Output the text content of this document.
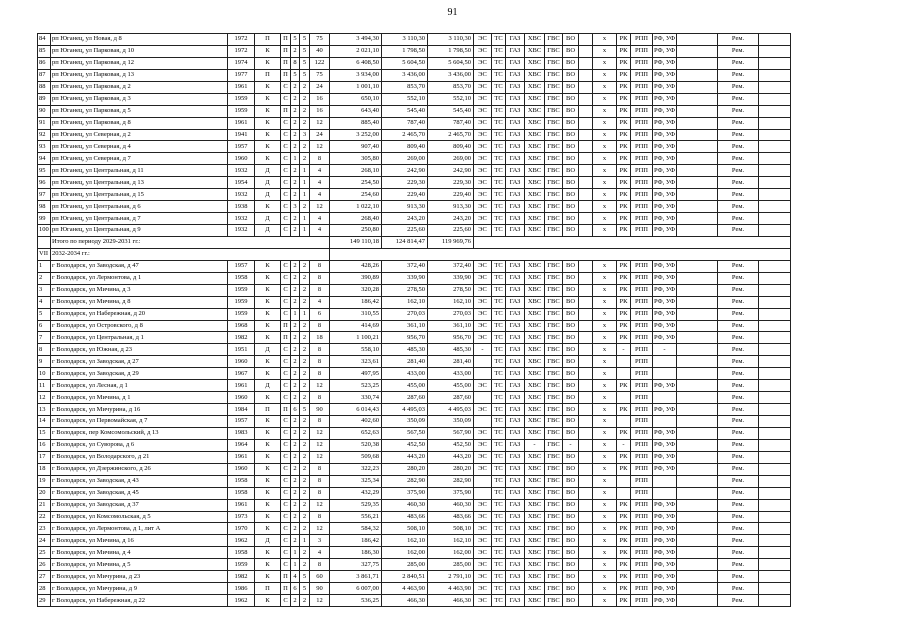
91
84	рп Юганец, ул Новая, д 8	1972	П	П	5	5	75	3 494,30	3 110,30	3 110,30	ЭС	ТС	ГАЗ	ХВС	ГВС	ВО		х	РК	РПП	РФ, УФ		Рем.	
85	рп Юганец, ул Парковая, д 10	1972	К	П	2	5	40	2 021,10	1 798,50	1 798,50	ЭС	ТС	ГАЗ	ХВС	ГВС	ВО		х	РК	РПП	РФ, УФ		Рем.	
86	рп Юганец, ул Парковая, д 12	1974	К	П	8	5	122	6 408,50	5 604,50	5 604,50	ЭС	ТС	ГАЗ	ХВС	ГВС	ВО		х	РК	РПП	РФ, УФ		Рем.	
87	рп Юганец, ул Парковая, д 13	1977	П	П	5	5	75	3 934,00	3 436,00	3 436,00	ЭС	ТС	ГАЗ	ХВС	ГВС	ВО		х	РК	РПП	РФ, УФ		Рем.	
88	рп Юганец, ул Парковая, д 2	1961	К	С	2	2	24	1 001,10	853,70	853,70	ЭС	ТС	ГАЗ	ХВС	ГВС	ВО		х	РК	РПП	РФ, УФ		Рем.	
89	рп Юганец, ул Парковая, д 3	1959	К	С	2	2	16	650,10	552,10	552,10	ЭС	ТС	ГАЗ	ХВС	ГВС	ВО		х	РК	РПП	РФ, УФ		Рем.	
90	рп Юганец, ул Парковая, д 5	1959	К	П	2	2	16	643,40	545,40	545,40	ЭС	ТС	ГАЗ	ХВС	ГВС	ВО		х	РК	РПП	РФ, УФ		Рем.	
91	рп Юганец, ул Парковая, д 8	1961	К	С	2	2	12	885,40	787,40	787,40	ЭС	ТС	ГАЗ	ХВС	ГВС	ВО		х	РК	РПП	РФ, УФ		Рем.	
92	рп Юганец, ул Северная, д 2	1941	К	С	2	3	24	3 252,00	2 465,70	2 465,70	ЭС	ТС	ГАЗ	ХВС	ГВС	ВО		х	РК	РПП	РФ, УФ		Рем.	
93	рп Юганец, ул Северная, д 4	1957	К	С	2	2	12	907,40	809,40	809,40	ЭС	ТС	ГАЗ	ХВС	ГВС	ВО		х	РК	РПП	РФ, УФ		Рем.	
94	рп Юганец, ул Северная, д 7	1960	К	С	1	2	8	305,80	269,00	269,00	ЭС	ТС	ГАЗ	ХВС	ГВС	ВО		х	РК	РПП	РФ, УФ		Рем.	
95	рп Юганец, ул Центральная, д 11	1932	Д	С	2	1	4	268,10	242,90	242,90	ЭС	ТС	ГАЗ	ХВС	ГВС	ВО		х	РК	РПП	РФ, УФ		Рем.	
96	рп Юганец, ул Центральная, д 13	1954	Д	С	2	1	4	254,50	229,30	229,30	ЭС	ТС	ГАЗ	ХВС	ГВС	ВО		х	РК	РПП	РФ, УФ		Рем.	
97	рп Юганец, ул Центральная, д 15	1932	Д	С	2	1	4	254,60	229,40	229,40	ЭС	ТС	ГАЗ	ХВС	ГВС	ВО		х	РК	РПП	РФ, УФ		Рем.	
98	рп Юганец, ул Центральная, д 6	1938	К	С	3	2	12	1 022,10	913,30	913,30	ЭС	ТС	ГАЗ	ХВС	ГВС	ВО		х	РК	РПП	РФ, УФ		Рем.	
99	рп Юганец, ул Центральная, д 7	1932	Д	С	2	1	4	268,40	243,20	243,20	ЭС	ТС	ГАЗ	ХВС	ГВС	ВО		х	РК	РПП	РФ, УФ		Рем.	
100	рп Юганец, ул Центральная, д 9	1932	Д	С	2	1	4	250,80	225,60	225,60	ЭС	ТС	ГАЗ	ХВС	ГВС	ВО		х	РК	РПП	РФ, УФ		Рем.	
	Итого по периоду 2029-2031 гг.:							149 110,18	124 814,47	119 969,76														
VII	2032-2034 гг.:																							
1	г Володарск, ул Заводская, д 47	1957	К	С	2	2	8	428,26	372,40	372,40	ЭС	ТС	ГАЗ	ХВС	ГВС	ВО		х	РК	РПП	РФ, УФ		Рем.	
2	г Володарск, ул Лермонтова, д 1	1958	К	С	2	2	8	390,89	339,90	339,90	ЭС	ТС	ГАЗ	ХВС	ГВС	ВО		х	РК	РПП	РФ, УФ		Рем.	
3	г Володарск, ул Мичина, д 3	1959	К	С	2	2	8	320,28	278,50	278,50	ЭС	ТС	ГАЗ	ХВС	ГВС	ВО		х	РК	РПП	РФ, УФ		Рем.	
4	г Володарск, ул Мичина, д 8	1959	К	С	2	2	4	186,42	162,10	162,10	ЭС	ТС	ГАЗ	ХВС	ГВС	ВО		х	РК	РПП	РФ, УФ		Рем.	
5	г Володарск, ул Набережная, д 20	1959	К	С	1	1	6	310,55	270,03	270,03	ЭС	ТС	ГАЗ	ХВС	ГВС	ВО		х	РК	РПП	РФ, УФ		Рем.	
6	г Володарск, ул Островского, д 8	1968	К	П	2	2	8	414,69	361,10	361,10	ЭС	ТС	ГАЗ	ХВС	ГВС	ВО		х	РК	РПП	РФ, УФ		Рем.	
7	г Володарск, ул Центральная, д 1	1982	К	П	2	2	18	1 100,21	956,70	956,70	ЭС	ТС	ГАЗ	ХВС	ГВС	ВО		х	РК	РПП	РФ, УФ		Рем.	
8	г Володарск, ул Южная, д 23	1951	Д	С	2	2	8	558,10	485,30	485,30	-	ТС	ГАЗ	ХВС	ГВС	ВО		х	-	РПП	-		Рем.	
9	г Володарск, ул Заводская, д 27	1960	К	С	2	2	8	323,61	281,40	281,40		ТС	ГАЗ	ХВС	ГВС	ВО		х		РПП			Рем.	
10	г Володарск, ул Заводская, д 29	1967	К	С	2	2	8	497,95	433,00	433,00		ТС	ГАЗ	ХВС	ГВС	ВО		х		РПП			Рем.	
11	г Володарск, ул Лесная, д 1	1961	Д	С	2	2	12	523,25	455,00	455,00	ЭС	ТС	ГАЗ	ХВС	ГВС	ВО		х	РК	РПП	РФ, УФ		Рем.	
12	г Володарск, ул Мичина, д 1	1960	К	С	2	2	8	330,74	287,60	287,60		ТС	ГАЗ	ХВС	ГВС	ВО		х		РПП			Рем.	
13	г Володарск, ул Мичурина, д 16	1984	П	П	6	5	90	6 014,43	4 495,03	4 495,03	ЭС	ТС	ГАЗ	ХВС	ГВС	ВО		х	РК	РПП	РФ, УФ		Рем.	
14	г Володарск, ул Первомайская, д 7	1957	К	С	2	2	8	402,60	350,09	350,09		ТС	ГАЗ	ХВС	ГВС	ВО		х		РПП			Рем.	
15	г Володарск, пер Комсомольский, д 13	1983	К	С	2	2	12	652,63	567,50	567,90	ЭС	ТС	ГАЗ	ХВС	ГВС	ВО		х	РК	РПП	РФ, УФ		Рем.	
16	г Володарск, ул Суворова, д 6	1964	К	С	2	2	12	520,38	452,50	452,50	ЭС	ТС	ГАЗ	-	ГВС	-		х	-	РПП	РФ, УФ		Рем.	
17	г Володарск, ул Володарского, д 21	1961	К	С	2	2	12	509,68	443,20	443,20	ЭС	ТС	ГАЗ	ХВС	ГВС	ВО		х	РК	РПП	РФ, УФ		Рем.	
18	г Володарск, ул Дзержинского, д 26	1960	К	С	2	2	8	322,23	280,20	280,20	ЭС	ТС	ГАЗ	ХВС	ГВС	ВО		х	РК	РПП	РФ, УФ		Рем.	
19	г Володарск, ул Заводская, д 43	1958	К	С	2	2	8	325,34	282,90	282,90		ТС	ГАЗ	ХВС	ГВС	ВО		х		РПП			Рем.	
20	г Володарск, ул Заводская, д 45	1958	К	С	2	2	8	432,29	375,90	375,90		ТС	ГАЗ	ХВС	ГВС	ВО		х		РПП			Рем.	
21	г Володарск, ул Заводская, д 37	1961	К	С	2	2	12	529,35	460,30	460,30	ЭС	ТС	ГАЗ	ХВС	ГВС	ВО		х	РК	РПП	РФ, УФ		Рем.	
22	г Володарск, ул Комсомольская, д 5	1973	К	С	2	2	8	556,21	483,66	483,66	ЭС	ТС	ГАЗ	ХВС	ГВС	ВО		х	РК	РПП	РФ, УФ		Рем.	
23	г Володарск, ул Лермонтова, д 1, лит А	1970	К	С	2	2	12	584,32	508,10	508,10	ЭС	ТС	ГАЗ	ХВС	ГВС	ВО		х	РК	РПП	РФ, УФ		Рем.	
24	г Володарск, ул Мичина, д 16	1962	Д	С	2	1	3	186,42	162,10	162,10	ЭС	ТС	ГАЗ	ХВС	ГВС	ВО		х	РК	РПП	РФ, УФ		Рем.	
25	г Володарск, ул Мичина, д 4	1958	К	С	1	2	4	186,30	162,00	162,00	ЭС	ТС	ГАЗ	ХВС	ГВС	ВО		х	РК	РПП	РФ, УФ		Рем.	
26	г Володарск, ул Мичина, д 5	1959	К	С	1	2	8	327,75	285,00	285,00	ЭС	ТС	ГАЗ	ХВС	ГВС	ВО		х	РК	РПП	РФ, УФ		Рем.	
27	г Володарск, ул Мичурина, д 23	1982	К	П	4	5	60	3 861,71	2 840,51	2 791,10	ЭС	ТС	ГАЗ	ХВС	ГВС	ВО		х	РК	РПП	РФ, УФ		Рем.	
28	г Володарск, ул Мичурина, д 9	1986	П	П	6	5	90	6 007,00	4 463,90	4 463,90	ЭС	ТС	ГАЗ	ХВС	ГВС	ВО		х	РК	РПП	РФ, УФ		Рем.	
29	г Володарск, ул Набережная, д 22	1962	К	С	2	2	12	536,25	466,30	466,30	ЭС	ТС	ГАЗ	ХВС	ГВС	ВО		х	РК	РПП	РФ, УФ		Рем.	
